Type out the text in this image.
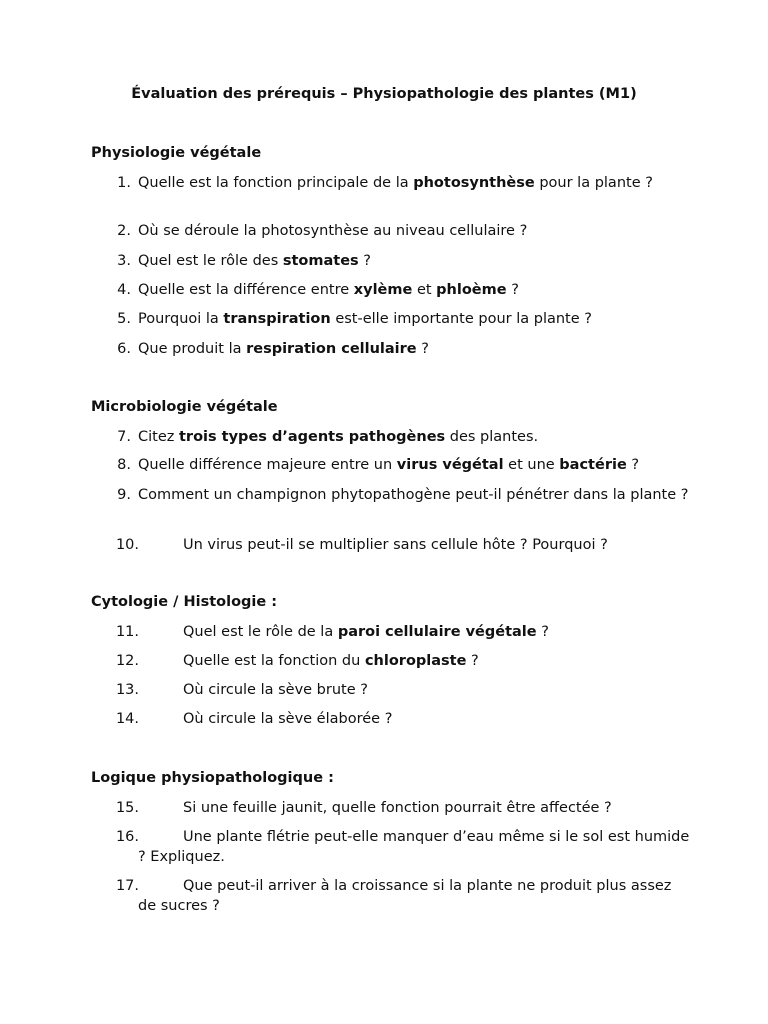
Évaluation des prérequis – Physiopathologie des plantes (M1)
Physiologie végétale
1. Quelle est la fonction principale de la photosynthèse pour la plante ?
2. Où se déroule la photosynthèse au niveau cellulaire ?
3. Quel est le rôle des stomates ?
4. Quelle est la différence entre xylème et phloème ?
5. Pourquoi la transpiration est-elle importante pour la plante ?
6. Que produit la respiration cellulaire ?
Microbiologie végétale
7. Citez trois types d’agents pathogènes des plantes.
8. Quelle différence majeure entre un virus végétal et une bactérie ?
9. Comment un champignon phytopathogène peut-il pénétrer dans la plante ?
10.	Un virus peut-il se multiplier sans cellule hôte ? Pourquoi ?
Cytologie / Histologie :
11.	Quel est le rôle de la paroi cellulaire végétale ?
12.	Quelle est la fonction du chloroplaste ?
13.	Où circule la sève brute ?
14.	Où circule la sève élaborée ?
Logique physiopathologique :
15.	Si une feuille jaunit, quelle fonction pourrait être affectée ?
16.	Une plante flétrie peut-elle manquer d’eau même si le sol est humide ? Expliquez.
17.	Que peut-il arriver à la croissance si la plante ne produit plus assez de sucres ?
